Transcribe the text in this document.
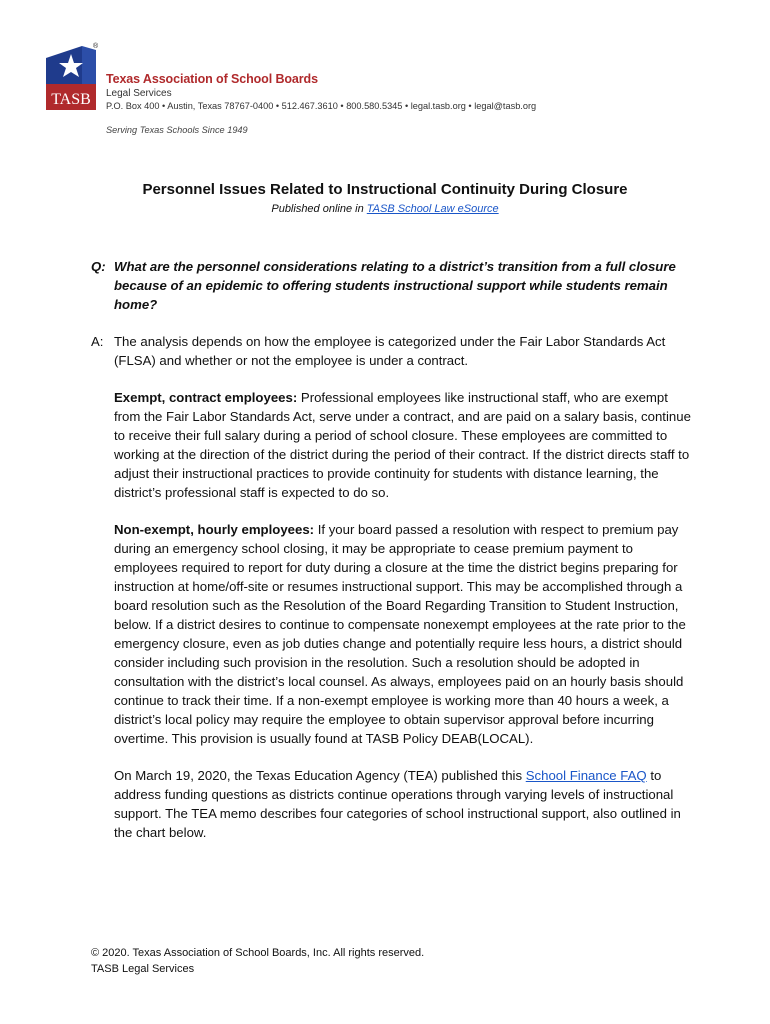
TASB
®
Texas Association of School Boards
Legal Services
P.O. Box 400 • Austin, Texas 78767-0400 • 512.467.3610 • 800.580.5345 • legal.tasb.org • legal@tasb.org
Serving Texas Schools Since 1949
Personnel Issues Related to Instructional Continuity During Closure
Published online in TASB School Law eSource
Q: What are the personnel considerations relating to a district’s transition from a full closure because of an epidemic to offering students instructional support while students remain home?
A: The analysis depends on how the employee is categorized under the Fair Labor Standards Act (FLSA) and whether or not the employee is under a contract.

Exempt, contract employees: Professional employees like instructional staff, who are exempt from the Fair Labor Standards Act, serve under a contract, and are paid on a salary basis, continue to receive their full salary during a period of school closure. These employees are committed to working at the direction of the district during the period of their contract. If the district directs staff to adjust their instructional practices to provide continuity for students with distance learning, the district’s professional staff is expected to do so.

Non-exempt, hourly employees: If your board passed a resolution with respect to premium pay during an emergency school closing, it may be appropriate to cease premium payment to employees required to report for duty during a closure at the time the district begins preparing for instruction at home/off-site or resumes instructional support. This may be accomplished through a board resolution such as the Resolution of the Board Regarding Transition to Student Instruction, below. If a district desires to continue to compensate nonexempt employees at the rate prior to the emergency closure, even as job duties change and potentially require less hours, a district should consider including such provision in the resolution. Such a resolution should be adopted in consultation with the district’s local counsel. As always, employees paid on an hourly basis should continue to track their time. If a non-exempt employee is working more than 40 hours a week, a district’s local policy may require the employee to obtain supervisor approval before incurring overtime. This provision is usually found at TASB Policy DEAB(LOCAL).

On March 19, 2020, the Texas Education Agency (TEA) published this School Finance FAQ to address funding questions as districts continue operations through varying levels of instructional support. The TEA memo describes four categories of school instructional support, also outlined in the chart below.

© 2020. Texas Association of School Boards, Inc. All rights reserved.
TASB Legal Services
